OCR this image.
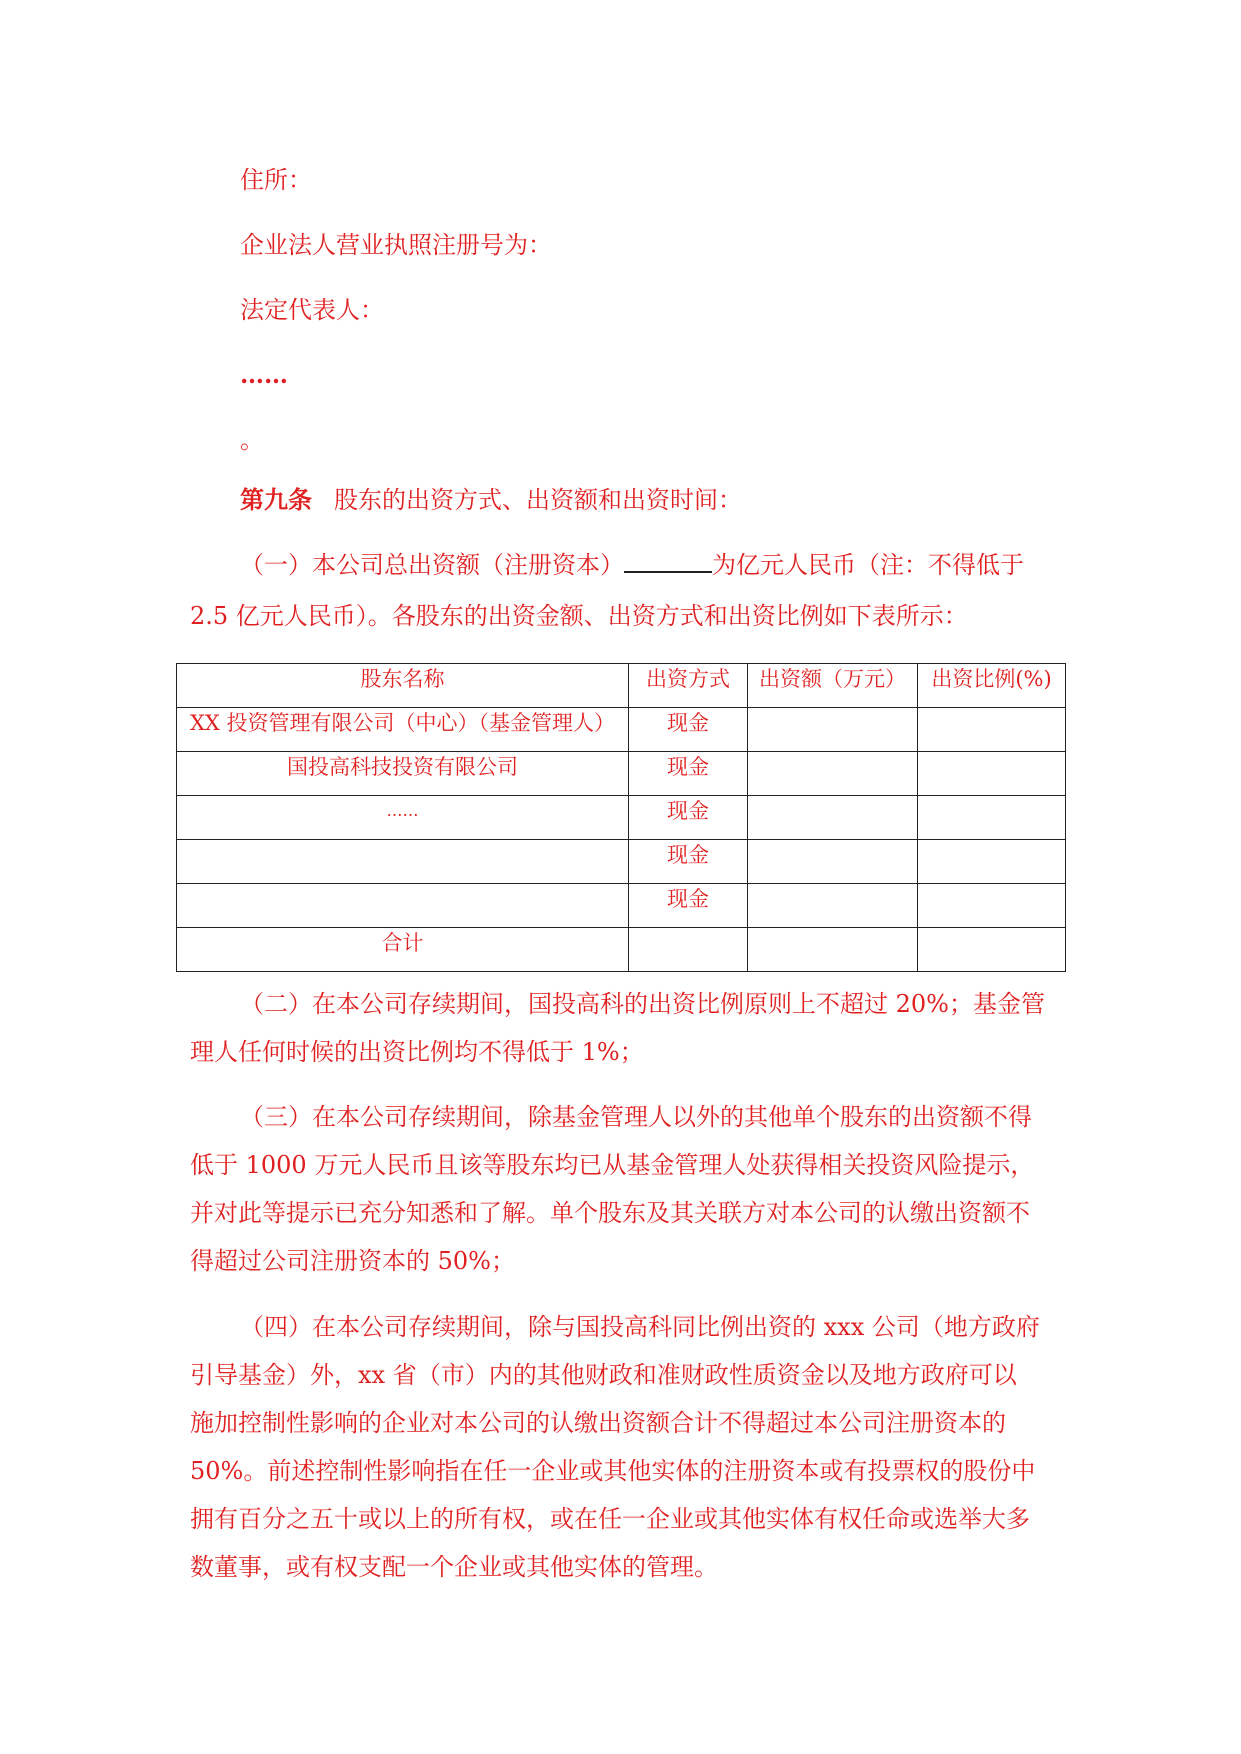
住所：
企业法人营业执照注册号为：
法定代表人：
……
。
第九条 股东的出资方式、出资额和出资时间：
（一）本公司总出资额（注册资本）	为亿元人民币（注：不得低于
2.5 亿元人民币）。各股东的出资金额、出资方式和出资比例如下表所示：
股东名称	出资方式	出资额（万元）	出资比例(%)
XX 投资管理有限公司（中心）（基金管理人）	现金		
国投高科技投资有限公司	现金		
……	现金		
	现金		
	现金		
合计			
（二）在本公司存续期间，国投高科的出资比例原则上不超过 20%；基金管
理人任何时候的出资比例均不得低于 1%；
（三）在本公司存续期间，除基金管理人以外的其他单个股东的出资额不得
低于 1000 万元人民币且该等股东均已从基金管理人处获得相关投资风险提示，
并对此等提示已充分知悉和了解。单个股东及其关联方对本公司的认缴出资额不
得超过公司注册资本的 50%；
（四）在本公司存续期间，除与国投高科同比例出资的 xxx 公司（地方政府
引导基金）外，xx 省（市）内的其他财政和准财政性质资金以及地方政府可以
施加控制性影响的企业对本公司的认缴出资额合计不得超过本公司注册资本的
50%。前述控制性影响指在任一企业或其他实体的注册资本或有投票权的股份中
拥有百分之五十或以上的所有权，或在任一企业或其他实体有权任命或选举大多
数董事，或有权支配一个企业或其他实体的管理。
